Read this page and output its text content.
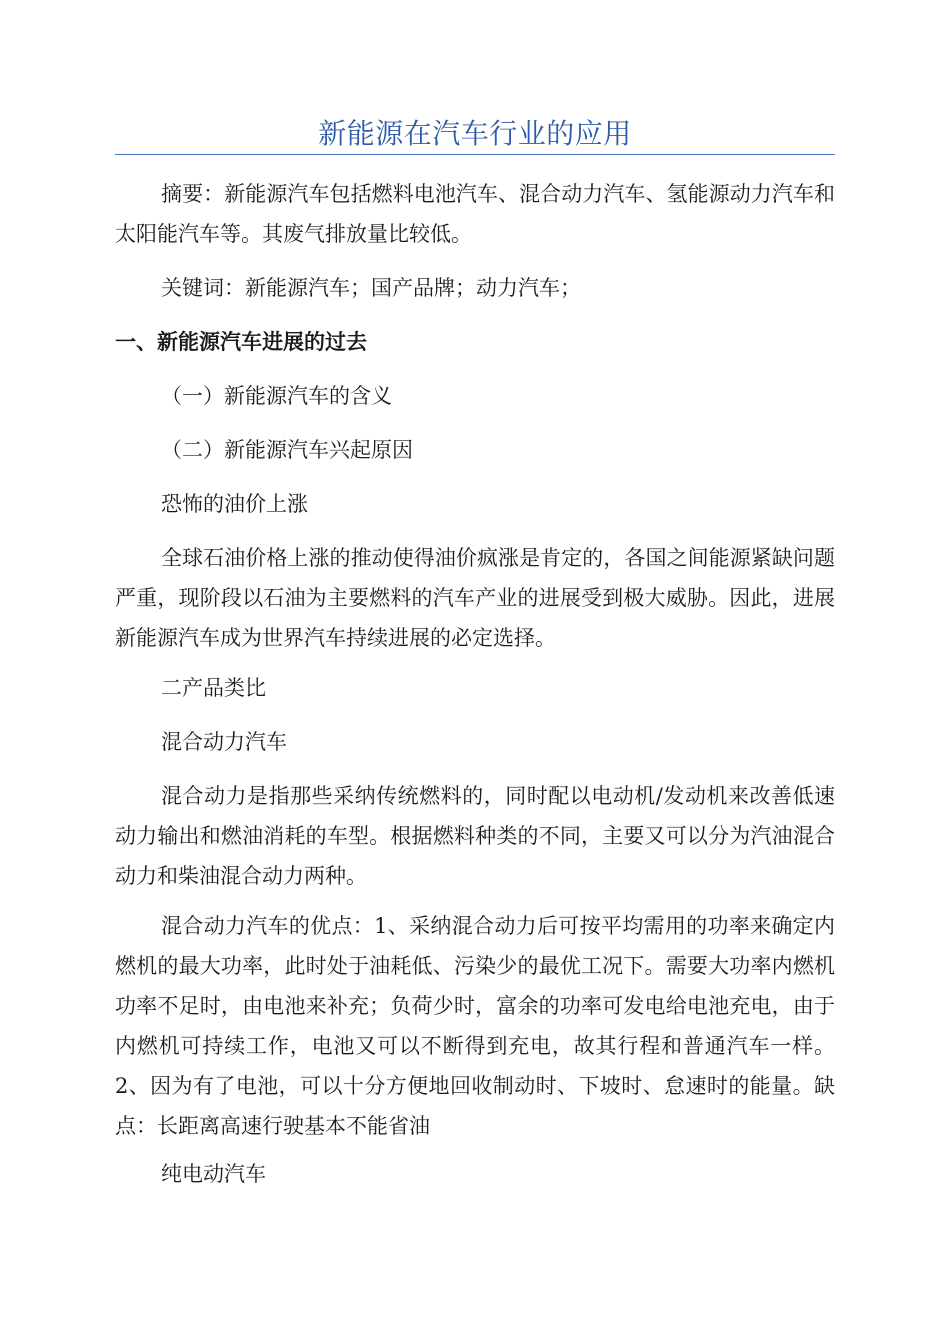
新能源在汽车行业的应用

摘要：新能源汽车包括燃料电池汽车、混合动力汽车、氢能源动力汽车和太阳能汽车等。其废气排放量比较低。

关键词：新能源汽车；国产品牌；动力汽车；

一、新能源汽车进展的过去

（一）新能源汽车的含义

（二）新能源汽车兴起原因

恐怖的油价上涨

全球石油价格上涨的推动使得油价疯涨是肯定的，各国之间能源紧缺问题严重，现阶段以石油为主要燃料的汽车产业的进展受到极大威胁。因此，进展新能源汽车成为世界汽车持续进展的必定选择。

二产品类比

混合动力汽车

混合动力是指那些采纳传统燃料的，同时配以电动机/发动机来改善低速动力输出和燃油消耗的车型。根据燃料种类的不同，主要又可以分为汽油混合动力和柴油混合动力两种。

混合动力汽车的优点：1、采纳混合动力后可按平均需用的功率来确定内燃机的最大功率，此时处于油耗低、污染少的最优工况下。需要大功率内燃机功率不足时，由电池来补充；负荷少时，富余的功率可发电给电池充电，由于内燃机可持续工作，电池又可以不断得到充电，故其行程和普通汽车一样。2、因为有了电池，可以十分方便地回收制动时、下坡时、怠速时的能量。缺点：长距离高速行驶基本不能省油

纯电动汽车
